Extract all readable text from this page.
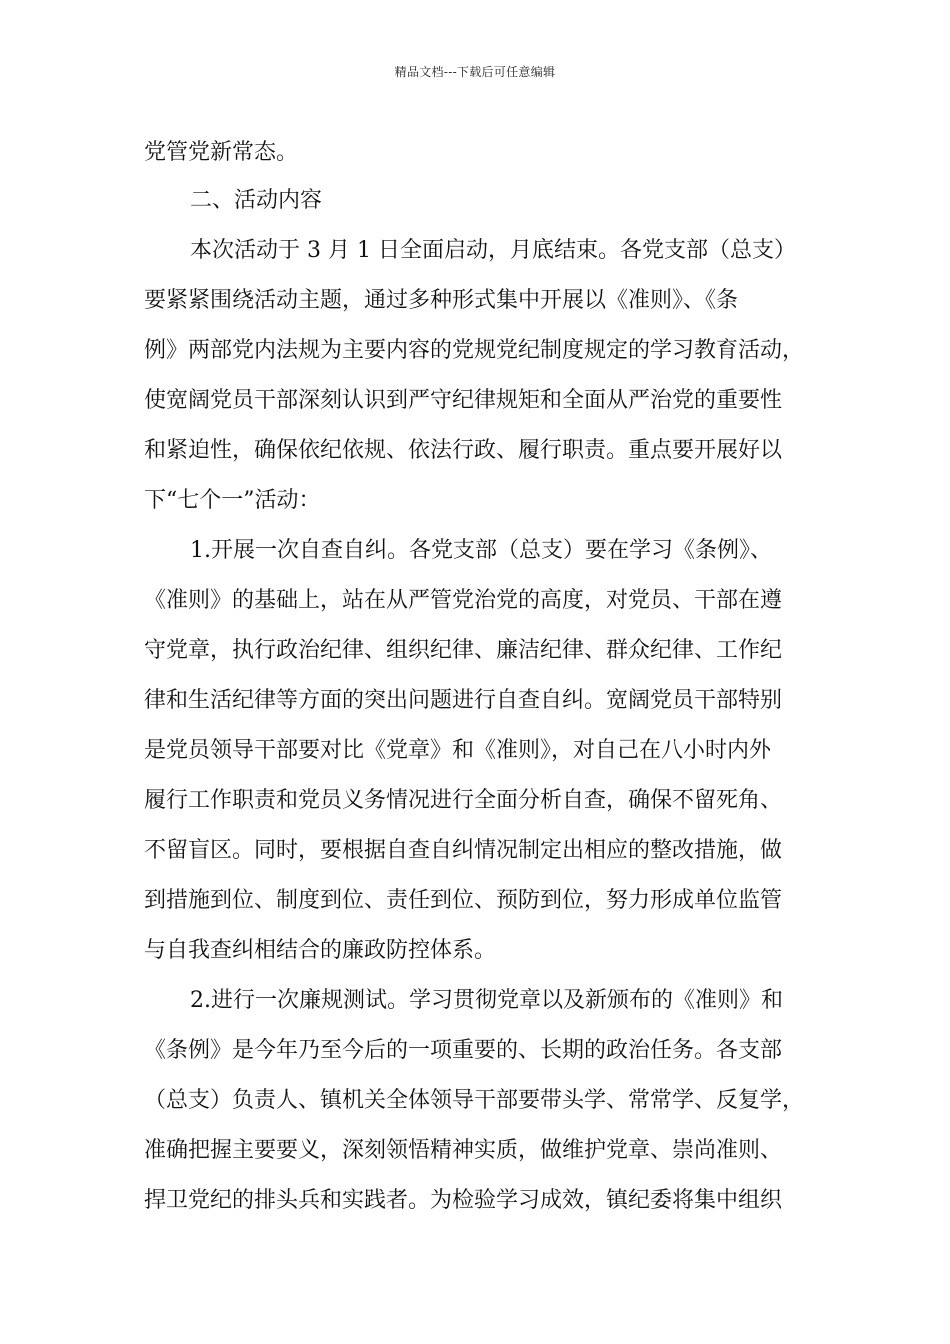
精品文档---下载后可任意编辑
党管党新常态。
二、活动内容
本次活动于 3 月 1 日全面启动，月底结束。各党支部（总支）
要紧紧围绕活动主题，通过多种形式集中开展以《准则》、《条
例》两部党内法规为主要内容的党规党纪制度规定的学习教育活动，
使宽阔党员干部深刻认识到严守纪律规矩和全面从严治党的重要性
和紧迫性，确保依纪依规、依法行政、履行职责。重点要开展好以
下“七个一”活动：
1.开展一次自查自纠。各党支部（总支）要在学习《条例》、
《准则》的基础上，站在从严管党治党的高度，对党员、干部在遵
守党章，执行政治纪律、组织纪律、廉洁纪律、群众纪律、工作纪
律和生活纪律等方面的突出问题进行自查自纠。宽阔党员干部特别
是党员领导干部要对比《党章》和《准则》，对自己在八小时内外
履行工作职责和党员义务情况进行全面分析自查，确保不留死角、
不留盲区。同时，要根据自查自纠情况制定出相应的整改措施，做
到措施到位、制度到位、责任到位、预防到位，努力形成单位监管
与自我查纠相结合的廉政防控体系。
2.进行一次廉规测试。学习贯彻党章以及新颁布的《准则》和
《条例》是今年乃至今后的一项重要的、长期的政治任务。各支部
（总支）负责人、镇机关全体领导干部要带头学、常常学、反复学，
准确把握主要要义，深刻领悟精神实质，做维护党章、崇尚准则、
捍卫党纪的排头兵和实践者。为检验学习成效，镇纪委将集中组织
